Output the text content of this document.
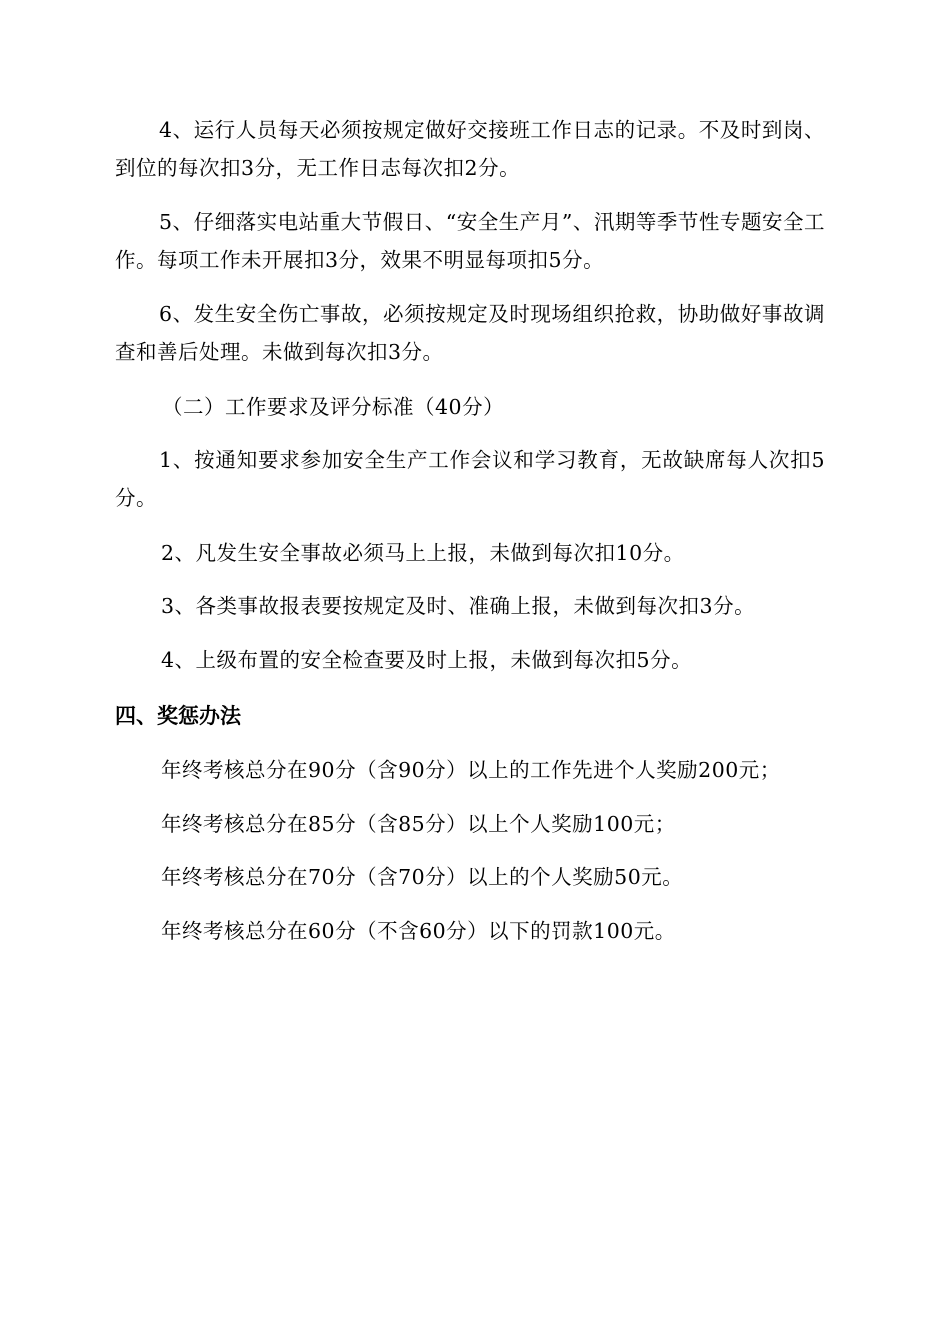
4、运行人员每天必须按规定做好交接班工作日志的记录。不及时到岗、到位的每次扣3分，无工作日志每次扣2分。

5、仔细落实电站重大节假日、“安全生产月”、汛期等季节性专题安全工作。每项工作未开展扣3分，效果不明显每项扣5分。

6、发生安全伤亡事故，必须按规定及时现场组织抢救，协助做好事故调查和善后处理。未做到每次扣3分。

（二）工作要求及评分标准（40分）

1、按通知要求参加安全生产工作会议和学习教育，无故缺席每人次扣5分。

2、凡发生安全事故必须马上上报，未做到每次扣10分。

3、各类事故报表要按规定及时、准确上报，未做到每次扣3分。

4、上级布置的安全检查要及时上报，未做到每次扣5分。

四、奖惩办法

年终考核总分在90分（含90分）以上的工作先进个人奖励200元；

年终考核总分在85分（含85分）以上个人奖励100元；

年终考核总分在70分（含70分）以上的个人奖励50元。

年终考核总分在60分（不含60分）以下的罚款100元。
